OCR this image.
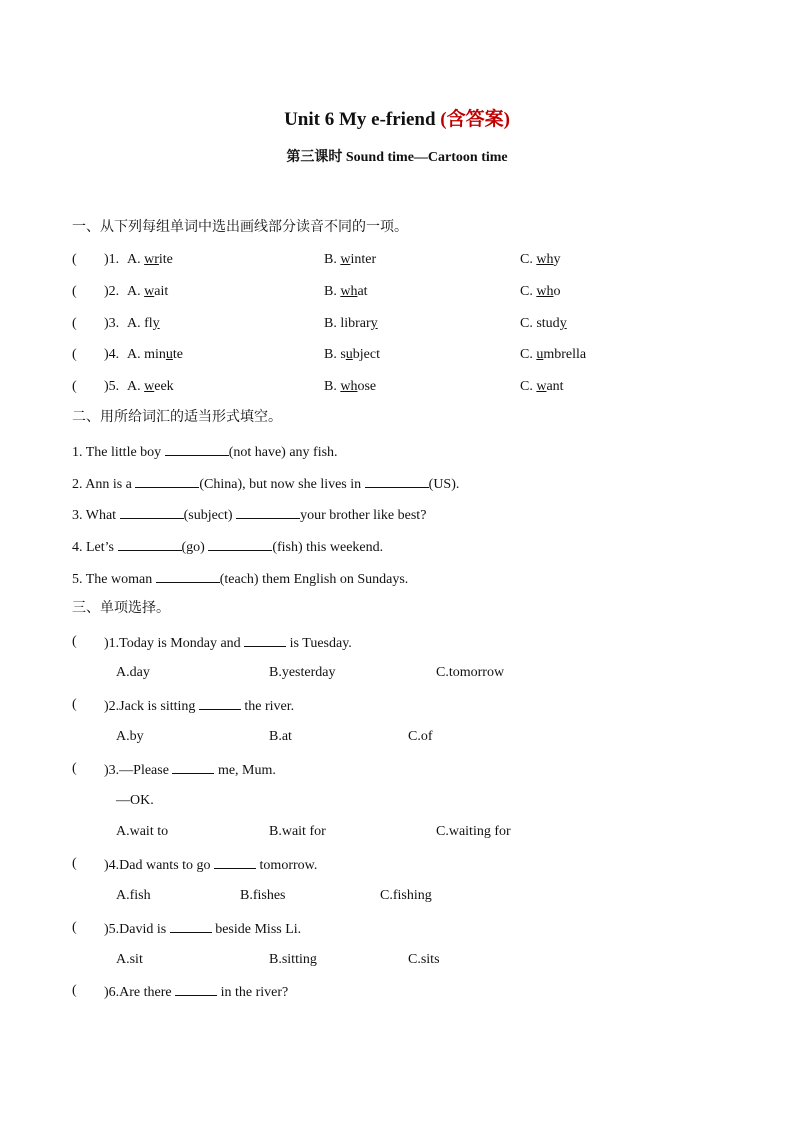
Unit 6 My e-friend (含答案)
第三课时 Sound time—Cartoon time
一、从下列每组单词中选出画线部分读音不同的一项。
( )1. A. write	B. winter	C. why
( )2. A. wait	B. what	C. who
( )3. A. fly	B. library	C. study
( )4. A. minute	B. subject	C. umbrella
( )5. A. week	B. whose	C. want
二、用所给词汇的适当形式填空。
1. The little boy	(not have) any fish.
2. Ann is a	(China), but now she lives in	(US).
3. What	(subject)	your brother like best?
4. Let’s	(go)	(fish) this weekend.
5. The woman	(teach) them English on Sundays.
三、单项选择。
( )1.Today is Monday and	is Tuesday.
A.day	B.yesterday	C.tomorrow
( )2.Jack is sitting	the river.
A.by	B.at	C.of
( )3.—Please	me, Mum.
—OK.
A.wait to	B.wait for	C.waiting for
( )4.Dad wants to go	tomorrow.
A.fish	B.fishes	C.fishing
( )5.David is	beside Miss Li.
A.sit	B.sitting	C.sits
( )6.Are there	in the river?
